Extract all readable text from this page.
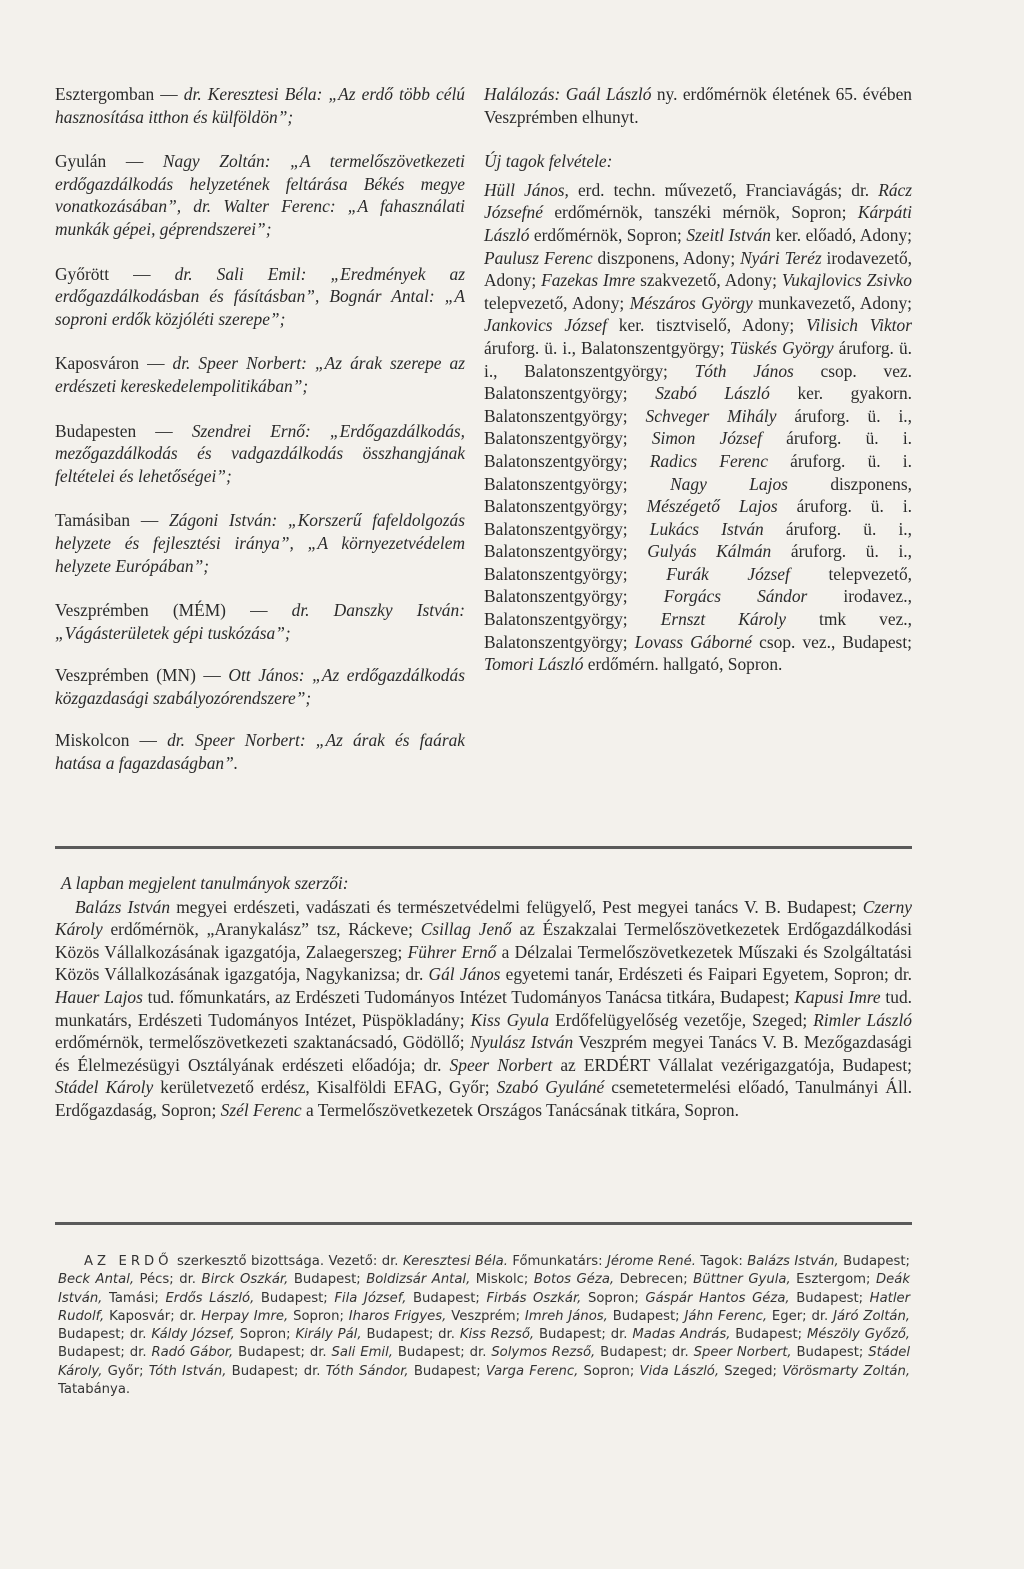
Esztergomban — dr. Keresztesi Béla: „Az erdő több célú hasznosítása itthon és külföldön”;

Gyulán — Nagy Zoltán: „A termelőszövetkezeti erdőgazdálkodás helyzetének feltárása Békés megye vonatkozásában”, dr. Walter Ferenc: „A fahasználati munkák gépei, géprendszerei”;

Győrött — dr. Sali Emil: „Eredmények az erdőgazdálkodásban és fásításban”, Bognár Antal: „A soproni erdők közjóléti szerepe”;

Kaposváron — dr. Speer Norbert: „Az árak szerepe az erdészeti kereskedelempolitikában”;

Budapesten — Szendrei Ernő: „Erdőgazdálkodás, mezőgazdálkodás és vadgazdálkodás összhangjának feltételei és lehetőségei”;

Tamásiban — Zágoni István: „Korszerű fafeldolgozás helyzete és fejlesztési iránya”, „A környezetvédelem helyzete Európában”;

Veszprémben (MÉM) — dr. Danszky István: „Vágásterületek gépi tuskózása”;

Veszprémben (MN) — Ott János: „Az erdőgazdálkodás közgazdasági szabályozórendszere”;

Miskolcon — dr. Speer Norbert: „Az árak és faárak hatása a fagazdaságban”.

Halálozás: Gaál László ny. erdőmérnök életének 65. évében Veszprémben elhunyt.

Új tagok felvétele:

Hüll János, erd. techn. művezető, Franciavágás; dr. Rácz Józsefné erdőmérnök, tanszéki mérnök, Sopron; Kárpáti László erdőmérnök, Sopron; Szeitl István ker. előadó, Adony; Paulusz Ferenc diszponens, Adony; Nyári Teréz irodavezető, Adony; Fazekas Imre szakvezető, Adony; Vukajlovics Zsivko telepvezető, Adony; Mészáros György munkavezető, Adony; Jankovics József ker. tisztviselő, Adony; Vilisich Viktor áruforg. ü. i., Balatonszentgyörgy; Tüskés György áruforg. ü. i., Balatonszentgyörgy; Tóth János csop. vez. Balatonszentgyörgy; Szabó László ker. gyakorn. Balatonszentgyörgy; Schveger Mihály áruforg. ü. i., Balatonszentgyörgy; Simon József áruforg. ü. i. Balatonszentgyörgy; Radics Ferenc áruforg. ü. i. Balatonszentgyörgy; Nagy Lajos diszponens, Balatonszentgyörgy; Mészégető Lajos áruforg. ü. i. Balatonszentgyörgy; Lukács István áruforg. ü. i., Balatonszentgyörgy; Gulyás Kálmán áruforg. ü. i., Balatonszentgyörgy; Furák József telepvezető, Balatonszentgyörgy; Forgács Sándor irodavez., Balatonszentgyörgy; Ernszt Károly tmk vez., Balatonszentgyörgy; Lovass Gáborné csop. vez., Budapest; Tomori László erdőmérn. hallgató, Sopron.

A lapban megjelent tanulmányok szerzői:

Balázs István megyei erdészeti, vadászati és természetvédelmi felügyelő, Pest megyei tanács V. B. Budapest; Czerny Károly erdőmérnök, „Aranykalász” tsz, Ráckeve; Csillag Jenő az Északzalai Termelőszövetkezetek Erdőgazdálkodási Közös Vállalkozásának igazgatója, Zalaegerszeg; Führer Ernő a Délzalai Termelőszövetkezetek Műszaki és Szolgáltatási Közös Vállalkozásának igazgatója, Nagykanizsa; dr. Gál János egyetemi tanár, Erdészeti és Faipari Egyetem, Sopron; dr. Hauer Lajos tud. főmunkatárs, az Erdészeti Tudományos Intézet Tudományos Tanácsa titkára, Budapest; Kapusi Imre tud. munkatárs, Erdészeti Tudományos Intézet, Püspökladány; Kiss Gyula Erdőfelügyelőség vezetője, Szeged; Rimler László erdőmérnök, termelőszövetkezeti szaktanácsadó, Gödöllő; Nyulász István Veszprém megyei Tanács V. B. Mezőgazdasági és Élelmezésügyi Osztályának erdészeti előadója; dr. Speer Norbert az ERDÉRT Vállalat vezérigazgatója, Budapest; Stádel Károly kerületvezető erdész, Kisalföldi EFAG, Győr; Szabó Gyuláné csemetetermelési előadó, Tanulmányi Áll. Erdőgazdaság, Sopron; Szél Ferenc a Termelőszövetkezetek Országos Tanácsának titkára, Sopron.

AZ ERDŐ szerkesztő bizottsága. Vezető: dr. Keresztesi Béla. Főmunkatárs: Jérome René. Tagok: Balázs István, Budapest; Beck Antal, Pécs; dr. Birck Oszkár, Budapest; Boldizsár Antal, Miskolc; Botos Géza, Debrecen; Büttner Gyula, Esztergom; Deák István, Tamási; Erdős László, Budapest; Fila József, Budapest; Firbás Oszkár, Sopron; Gáspár Hantos Géza, Budapest; Hatler Rudolf, Kaposvár; dr. Herpay Imre, Sopron; Iharos Frigyes, Veszprém; Imreh János, Budapest; Jáhn Ferenc, Eger; dr. Járó Zoltán, Budapest; dr. Káldy József, Sopron; Király Pál, Budapest; dr. Kiss Rezső, Budapest; dr. Madas András, Budapest; Mészöly Győző, Budapest; dr. Radó Gábor, Budapest; dr. Sali Emil, Budapest; dr. Solymos Rezső, Budapest; dr. Speer Norbert, Budapest; Stádel Károly, Győr; Tóth István, Budapest; dr. Tóth Sándor, Budapest; Varga Ferenc, Sopron; Vida László, Szeged; Vörösmarty Zoltán, Tatabánya.
